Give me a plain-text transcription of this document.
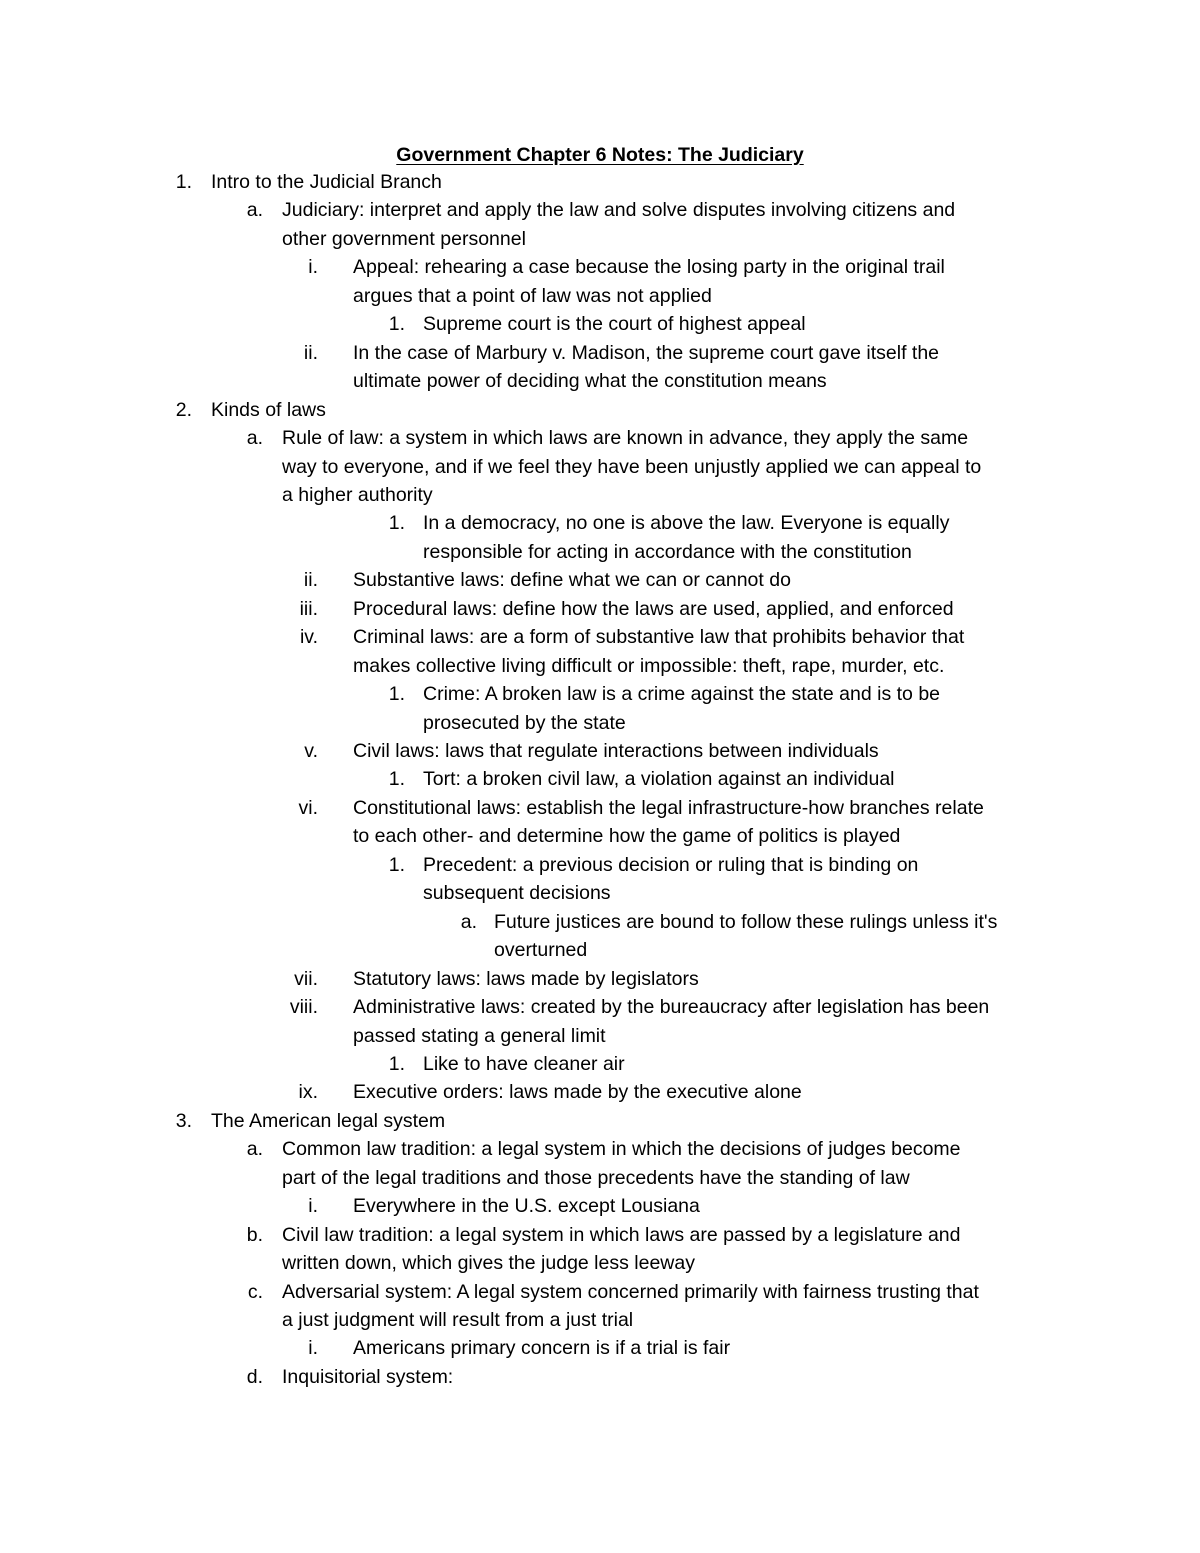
Government Chapter 6 Notes: The Judiciary
1. Intro to the Judicial Branch
a. Judiciary: interpret and apply the law and solve disputes involving citizens and
other government personnel
i. Appeal: rehearing a case because the losing party in the original trail
argues that a point of law was not applied
1. Supreme court is the court of highest appeal
ii. In the case of Marbury v. Madison, the supreme court gave itself the
ultimate power of deciding what the constitution means
2. Kinds of laws
a. Rule of law: a system in which laws are known in advance, they apply the same
way to everyone, and if we feel they have been unjustly applied we can appeal to
a higher authority
1. In a democracy, no one is above the law. Everyone is equally
responsible for acting in accordance with the constitution
ii. Substantive laws: define what we can or cannot do
iii. Procedural laws: define how the laws are used, applied, and enforced
iv. Criminal laws: are a form of substantive law that prohibits behavior that
makes collective living difficult or impossible: theft, rape, murder, etc.
1. Crime: A broken law is a crime against the state and is to be
prosecuted by the state
v. Civil laws: laws that regulate interactions between individuals
1. Tort: a broken civil law, a violation against an individual
vi. Constitutional laws: establish the legal infrastructure-how branches relate
to each other- and determine how the game of politics is played
1. Precedent: a previous decision or ruling that is binding on
subsequent decisions
a. Future justices are bound to follow these rulings unless it's
overturned
vii. Statutory laws: laws made by legislators
viii. Administrative laws: created by the bureaucracy after legislation has been
passed stating a general limit
1. Like to have cleaner air
ix. Executive orders: laws made by the executive alone
3. The American legal system
a. Common law tradition: a legal system in which the decisions of judges become
part of the legal traditions and those precedents have the standing of law
i. Everywhere in the U.S. except Lousiana
b. Civil law tradition: a legal system in which laws are passed by a legislature and
written down, which gives the judge less leeway
c. Adversarial system: A legal system concerned primarily with fairness trusting that
a just judgment will result from a just trial
i. Americans primary concern is if a trial is fair
d. Inquisitorial system:
